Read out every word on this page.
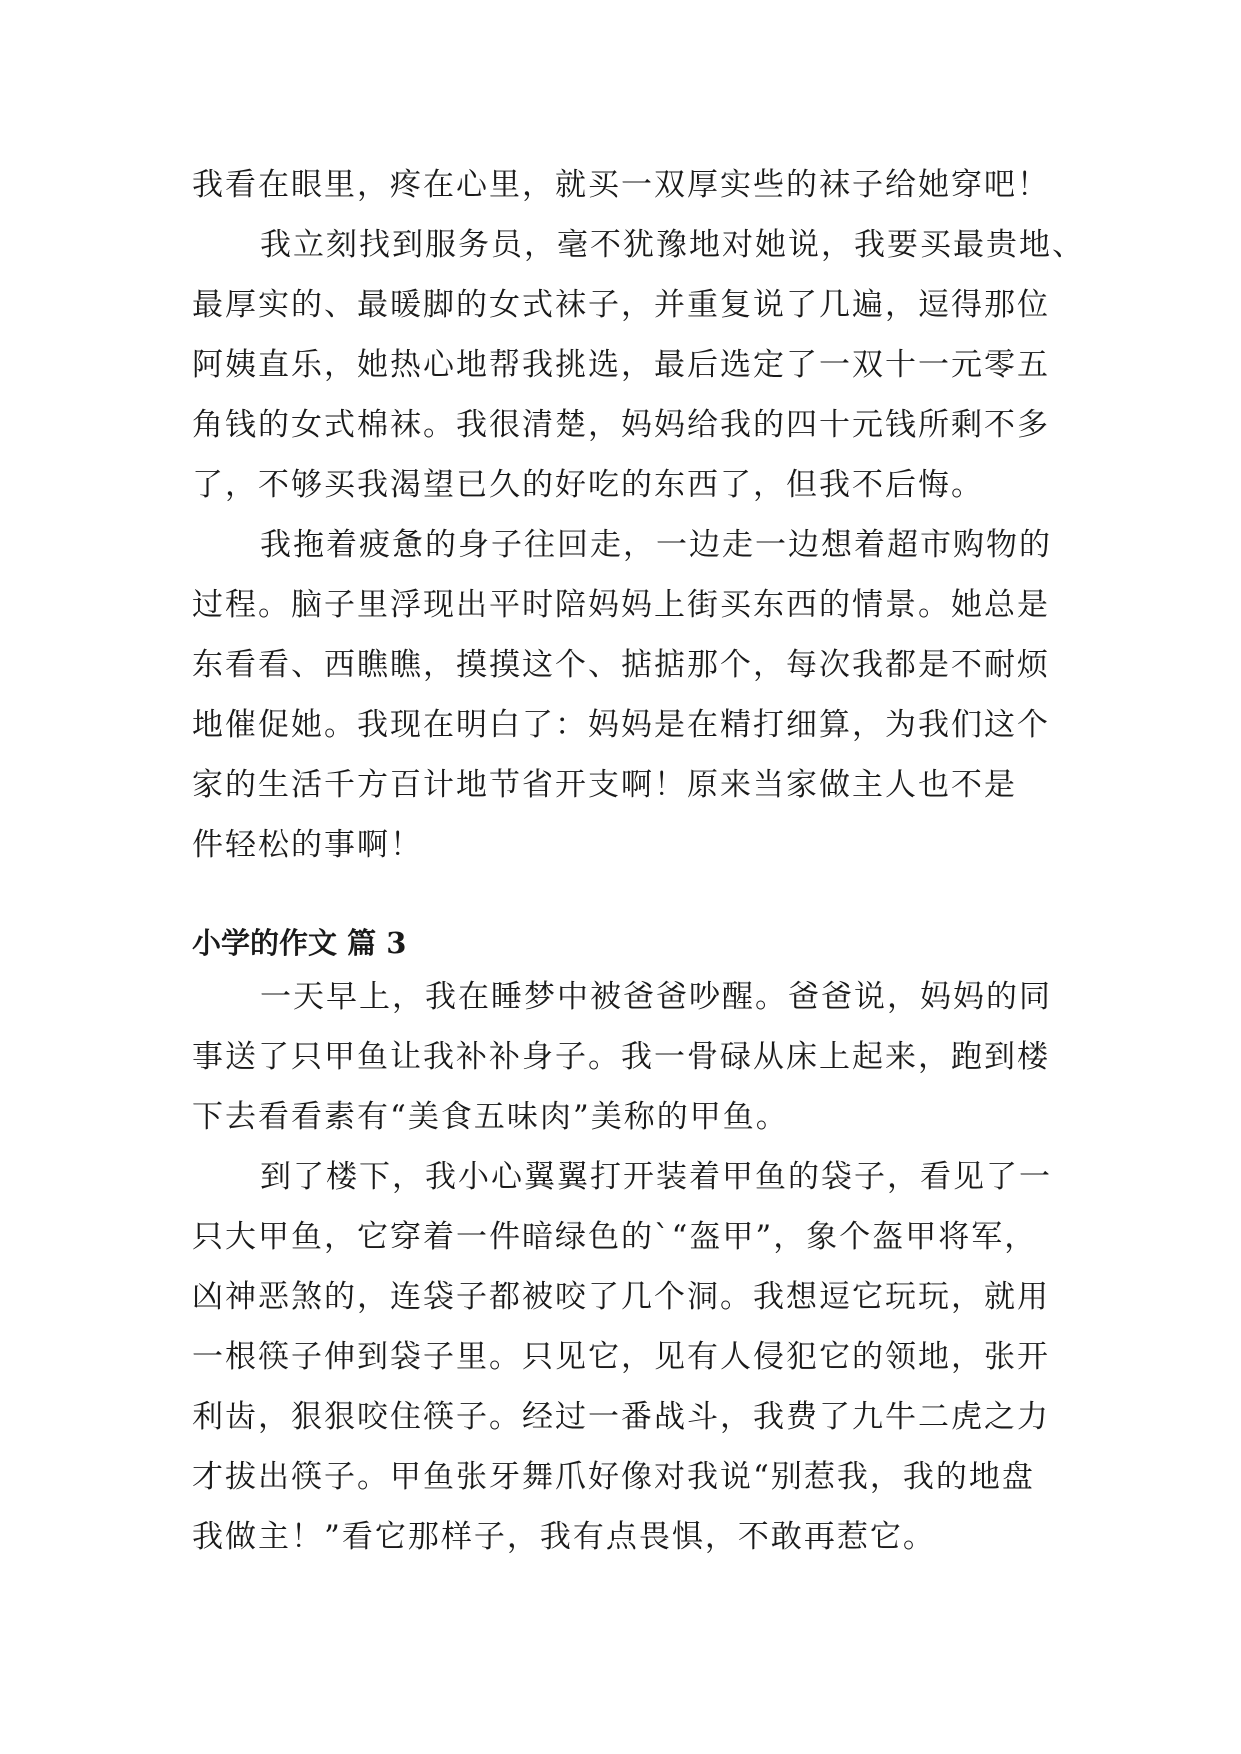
我看在眼里，疼在心里，就买一双厚实些的袜子给她穿吧！

我立刻找到服务员，毫不犹豫地对她说，我要买最贵地、

最厚实的、最暖脚的女式袜子，并重复说了几遍，逗得那位

阿姨直乐，她热心地帮我挑选，最后选定了一双十一元零五

角钱的女式棉袜。我很清楚，妈妈给我的四十元钱所剩不多

了，不够买我渴望已久的好吃的东西了，但我不后悔。

我拖着疲惫的身子往回走，一边走一边想着超市购物的

过程。脑子里浮现出平时陪妈妈上街买东西的情景。她总是

东看看、西瞧瞧，摸摸这个、掂掂那个，每次我都是不耐烦

地催促她。我现在明白了：妈妈是在精打细算，为我们这个

家的生活千方百计地节省开支啊！原来当家做主人也不是

件轻松的事啊！

小学的作文 篇 3

一天早上，我在睡梦中被爸爸吵醒。爸爸说，妈妈的同

事送了只甲鱼让我补补身子。我一骨碌从床上起来，跑到楼

下去看看素有“美食五味肉”美称的甲鱼。

到了楼下，我小心翼翼打开装着甲鱼的袋子，看见了一

只大甲鱼，它穿着一件暗绿色的`“盔甲”，象个盔甲将军，

凶神恶煞的，连袋子都被咬了几个洞。我想逗它玩玩，就用

一根筷子伸到袋子里。只见它，见有人侵犯它的领地，张开

利齿，狠狠咬住筷子。经过一番战斗，我费了九牛二虎之力

才拔出筷子。甲鱼张牙舞爪好像对我说“别惹我，我的地盘

我做主！”看它那样子，我有点畏惧，不敢再惹它。
